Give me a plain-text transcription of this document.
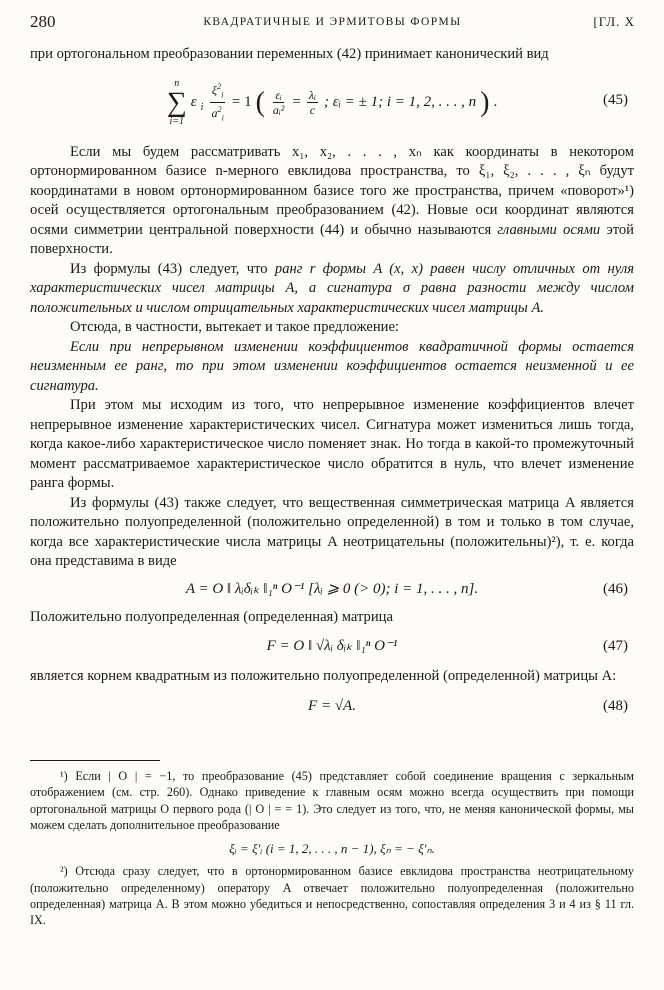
280	КВАДРАТИЧНЫЕ И ЭРМИТОВЫ ФОРМЫ	[ГЛ. X

при ортогональном преобразовании переменных (42) принимает канонический вид

n
∑
i=1
ε i $\frac{\xi^2_i}{a^2_i} = 1$ ( $\frac{\text{εᵢ}}{\text{aᵢ²}} = \frac{\text{λᵢ}}{c}$ ; εᵢ = ± 1; i = 1, 2, . . . , n ) .	(45)

Если мы будем рассматривать x₁, x₂, . . . , xₙ как координаты в некотором ортонормированном базисе n-мерного евклидова пространства, то ξ₁, ξ₂, . . . , ξₙ будут координатами в новом ортонормированном базисе того же пространства, причем «поворот»¹) осей осуществляется ортогональным преобразованием (42). Новые оси координат являются осями симметрии центральной поверхности (44) и обычно называются главными осями этой поверхности.

Из формулы (43) следует, что ранг r формы A (x, x) равен числу отличных от нуля характеристических чисел матрицы A, а сигнатура σ равна разности между числом положительных и числом отрицательных характеристических чисел матрицы A.

Отсюда, в частности, вытекает и такое предложение:

Если при непрерывном изменении коэффициентов квадратичной формы остается неизменным ее ранг, то при этом изменении коэффициентов остается неизменной и ее сигнатура.

При этом мы исходим из того, что непрерывное изменение коэффициентов влечет непрерывное изменение характеристических чисел. Сигнатура может измениться лишь тогда, когда какое-либо характеристическое число поменяет знак. Но тогда в какой-то промежуточный момент рассматриваемое характеристическое число обратится в нуль, что влечет изменение ранга формы.

Из формулы (43) также следует, что вещественная симметрическая матрица A является положительно полуопределенной (положительно определенной) в том и только в том случае, когда все характеристические числа матрицы A неотрицательны (положительны)²), т. е. когда она представима в виде

A = O ‖ λᵢδᵢₖ ‖₁ⁿ O⁻¹ [λᵢ ⩾ 0 (> 0); i = 1, . . . , n].	(46)

Положительно полуопределенная (определенная) матрица

F = O ‖ √λᵢ δᵢₖ ‖₁ⁿ O⁻¹	(47)

является корнем квадратным из положительно полуопределенной (определенной) матрицы A:

F = √A.	(48)

¹) Если | O | = −1, то преобразование (45) представляет собой соединение вращения с зеркальным отображением (см. стр. 260). Однако приведение к главным осям можно всегда осуществить при помощи ортогональной матрицы O первого рода (| O | = = 1). Это следует из того, что, не меняя канонической формы, мы можем сделать дополнительное преобразование

ξᵢ = ξ′ᵢ (i = 1, 2, . . . , n − 1), ξₙ = − ξ′ₙ.

²) Отсюда сразу следует, что в ортонормированном базисе евклидова пространства неотрицательному (положительно определенному) оператору A отвечает положительно полуопределенная (положительно определенная) матрица A. В этом можно убедиться и непосредственно, сопоставляя определения 3 и 4 из § 11 гл. IX.
